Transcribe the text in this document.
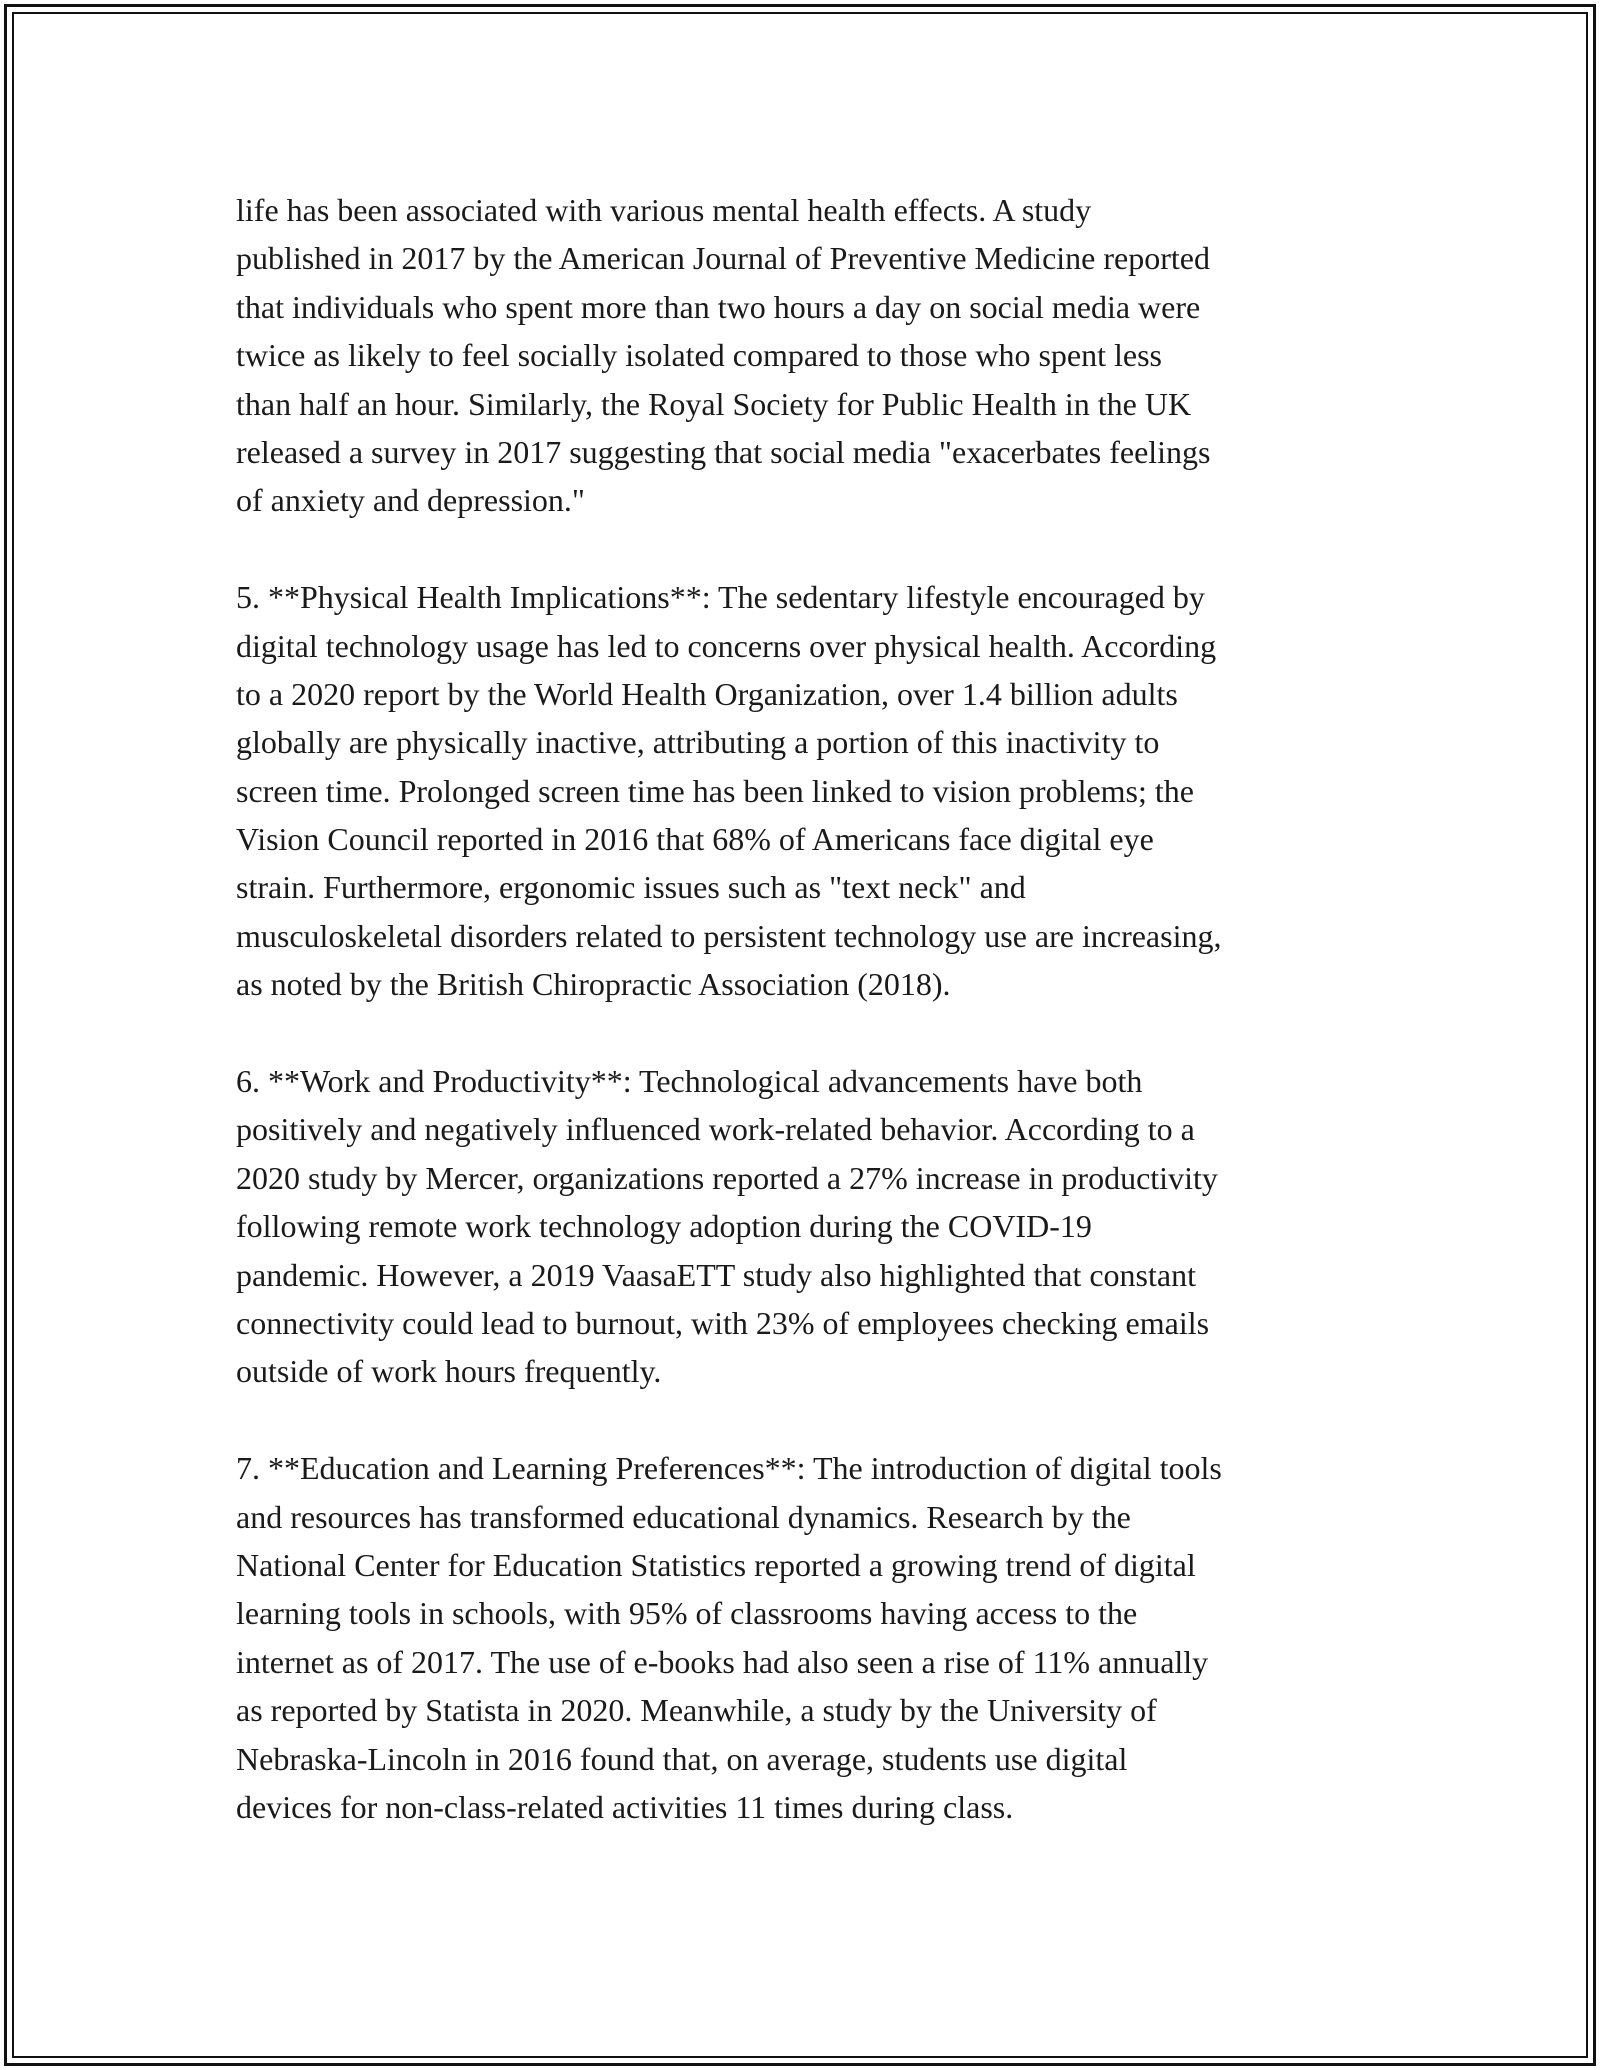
life has been associated with various mental health effects. A study
published in 2017 by the American Journal of Preventive Medicine reported
that individuals who spent more than two hours a day on social media were
twice as likely to feel socially isolated compared to those who spent less
than half an hour. Similarly, the Royal Society for Public Health in the UK
released a survey in 2017 suggesting that social media "exacerbates feelings
of anxiety and depression."
5. **Physical Health Implications**: The sedentary lifestyle encouraged by
digital technology usage has led to concerns over physical health. According
to a 2020 report by the World Health Organization, over 1.4 billion adults
globally are physically inactive, attributing a portion of this inactivity to
screen time. Prolonged screen time has been linked to vision problems; the
Vision Council reported in 2016 that 68% of Americans face digital eye
strain. Furthermore, ergonomic issues such as "text neck" and
musculoskeletal disorders related to persistent technology use are increasing,
as noted by the British Chiropractic Association (2018).
6. **Work and Productivity**: Technological advancements have both
positively and negatively influenced work-related behavior. According to a
2020 study by Mercer, organizations reported a 27% increase in productivity
following remote work technology adoption during the COVID-19
pandemic. However, a 2019 VaasaETT study also highlighted that constant
connectivity could lead to burnout, with 23% of employees checking emails
outside of work hours frequently.
7. **Education and Learning Preferences**: The introduction of digital tools
and resources has transformed educational dynamics. Research by the
National Center for Education Statistics reported a growing trend of digital
learning tools in schools, with 95% of classrooms having access to the
internet as of 2017. The use of e-books had also seen a rise of 11% annually
as reported by Statista in 2020. Meanwhile, a study by the University of
Nebraska-Lincoln in 2016 found that, on average, students use digital
devices for non-class-related activities 11 times during class.
